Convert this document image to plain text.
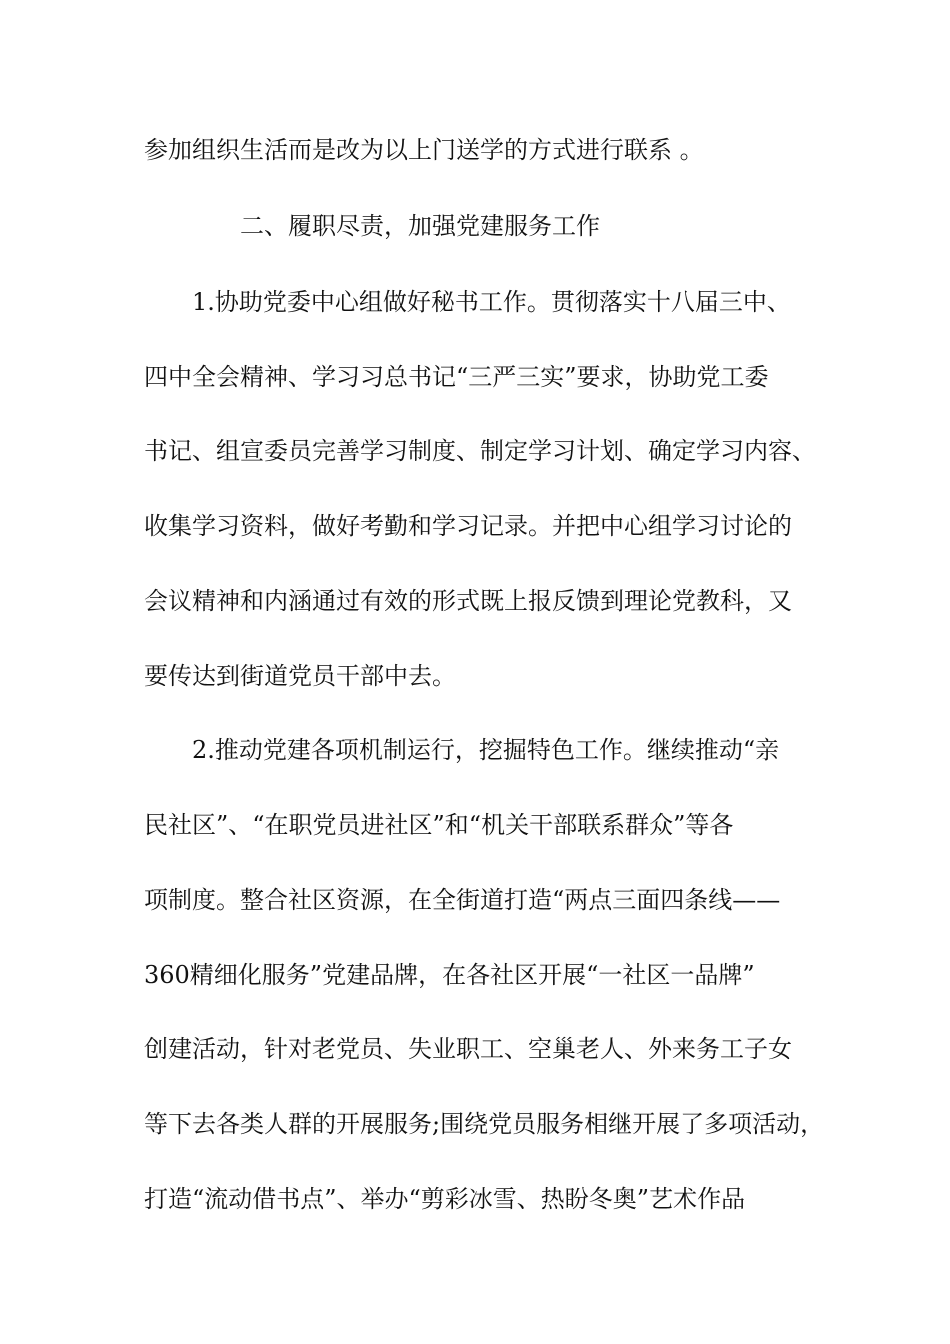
参加组织生活而是改为以上门送学的方式进行联系 。

二、履职尽责，加强党建服务工作

1.协助党委中心组做好秘书工作。贯彻落实十八届三中、

四中全会精神、学习习总书记“三严三实”要求，协助党工委

书记、组宣委员完善学习制度、制定学习计划、确定学习内容、

收集学习资料，做好考勤和学习记录。并把中心组学习讨论的

会议精神和内涵通过有效的形式既上报反馈到理论党教科，又

要传达到街道党员干部中去。

2.推动党建各项机制运行，挖掘特色工作。继续推动“亲

民社区”、“在职党员进社区”和“机关干部联系群众”等各

项制度。整合社区资源，在全街道打造“两点三面四条线——

360精细化服务”党建品牌，在各社区开展“一社区一品牌”

创建活动，针对老党员、失业职工、空巢老人、外来务工子女

等下去各类人群的开展服务;围绕党员服务相继开展了多项活动，

打造“流动借书点”、举办“剪彩冰雪、热盼冬奥”艺术作品
